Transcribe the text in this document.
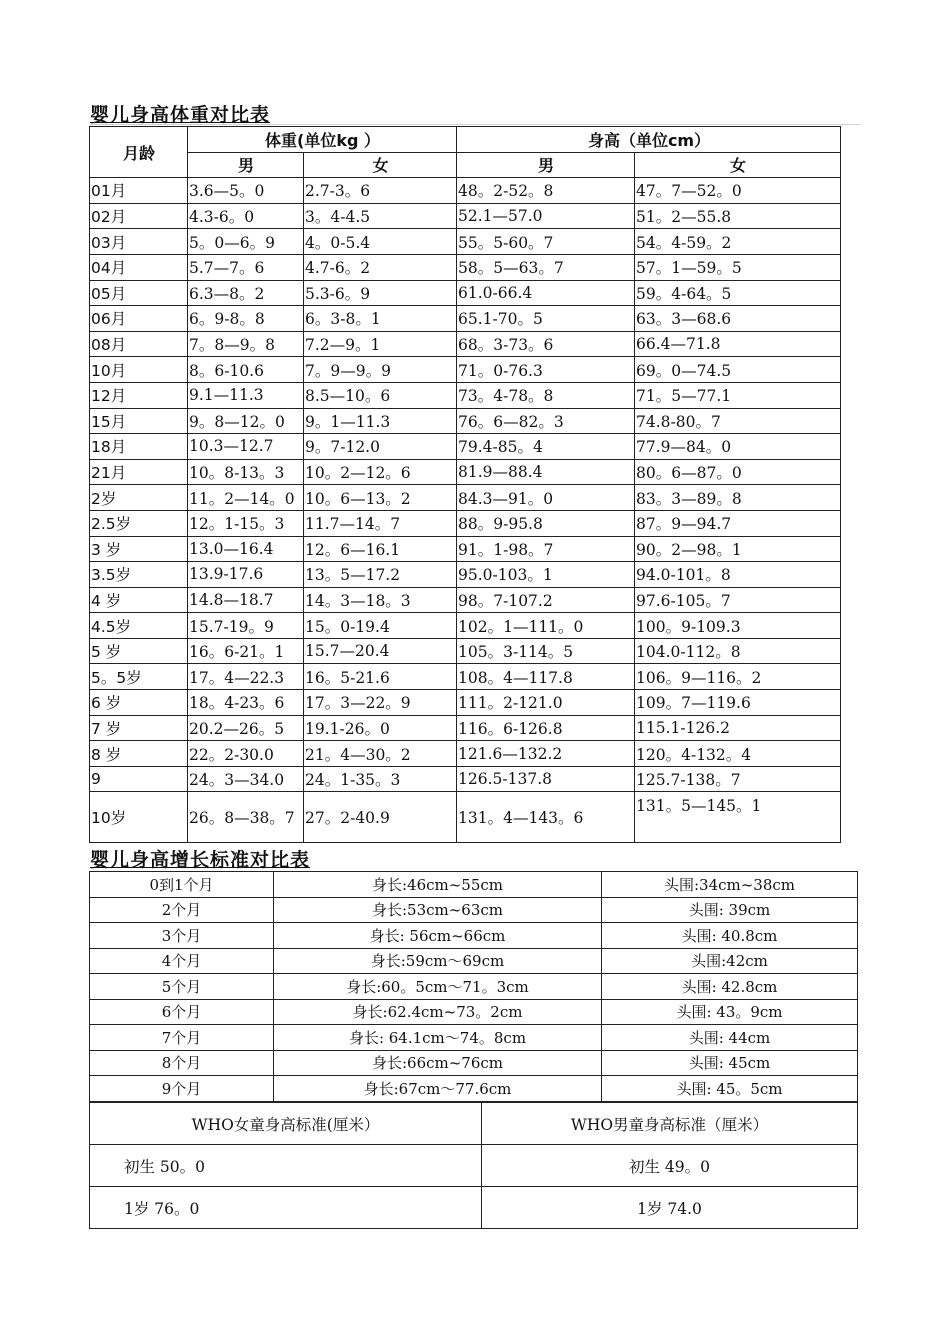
婴儿身高体重对比表
月龄	体重(单位kg ）		身高（单位cm）	
	男	女	男	女
01月	3.6—5。0	2.7-3。6	48。2-52。8	47。7—52。0
02月	4.3-6。0	3。4-4.5	52.1—57.0	51。2—55.8
03月	5。0—6。9	4。0-5.4	55。5-60。7	54。4-59。2
04月	5.7—7。6	4.7-6。2	58。5—63。7	57。1—59。5
05月	6.3—8。2	5.3-6。9	61.0-66.4	59。4-64。5
06月	6。9-8。8	6。3-8。1	65.1-70。5	63。3—68.6
08月	7。8—9。8	7.2—9。1	68。3-73。6	66.4—71.8
10月	8。6-10.6	7。9—9。9	71。0-76.3	69。0—74.5
12月	9.1—11.3	8.5—10。6	73。4-78。8	71。5—77.1
15月	9。8—12。0	9。1—11.3	76。6—82。3	74.8-80。7
18月	10.3—12.7	9。7-12.0	79.4-85。4	77.9—84。0
21月	10。8-13。3	10。2—12。6	81.9—88.4	80。6—87。0
2岁	11。2—14。0	10。6—13。2	84.3—91。0	83。3—89。8
2.5岁	12。1-15。3	11.7—14。7	88。9-95.8	87。9—94.7
3 岁	13.0—16.4	12。6—16.1	91。1-98。7	90。2—98。1
3.5岁	13.9-17.6	13。5—17.2	95.0-103。1	94.0-101。8
4 岁	14.8—18.7	14。3—18。3	98。7-107.2	97.6-105。7
4.5岁	15.7-19。9	15。0-19.4	102。1—111。0	100。9-109.3
5 岁	16。6-21。1	15.7—20.4	105。3-114。5	104.0-112。8
5。5岁	17。4—22.3	16。5-21.6	108。4—117.8	106。9—116。2
6 岁	18。4-23。6	17。3—22。9	111。2-121.0	109。7—119.6
7 岁	20.2—26。5	19.1-26。0	116。6-126.8	115.1-126.2
8 岁	22。2-30.0	21。4—30。2	121.6—132.2	120。4-132。4
9	24。3—34.0	24。1-35。3	126.5-137.8	125.7-138。7
10岁	26。8—38。7	27。2-40.9	131。4—143。6	131。5—145。1
婴儿身高增长标准对比表
0到1个月	身长:46cm~55cm	头围:34cm~38cm
2个月	身长:53cm~63cm	头围: 39cm
3个月	身长: 56cm~66cm	头围: 40.8cm
4个月	身长:59cm～69cm	头围:42cm
5个月	身长:60。5cm～71。3cm	头围: 42.8cm
6个月	身长:62.4cm~73。2cm	头围: 43。9cm
7个月	身长: 64.1cm～74。8cm	头围: 44cm
8个月	身长:66cm~76cm	头围: 45cm
9个月	身长:67cm～77.6cm	头围: 45。5cm
WHO女童身高标准(厘米）	WHO男童身高标准（厘米）
初生 50。0	初生 49。0
1岁 76。0	1岁 74.0
